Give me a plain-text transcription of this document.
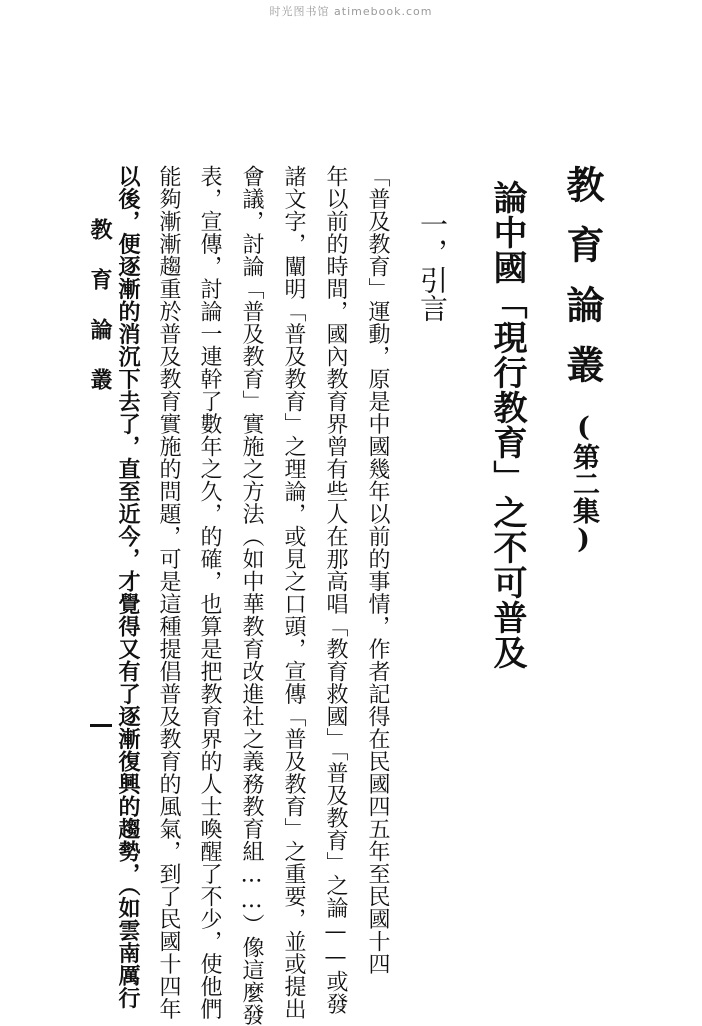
时光图书馆 atimebook.com
教育論叢
(第二集)
論中國「現行教育」之不可普及
一，引言
「普及教育」運動，原是中國幾年以前的事情，作者記得在民國四五年至民國十四
年以前的時間，國內教育界曾有些人在那高唱「教育救國」「普及教育」之論——或發
諸文字，闡明「普及教育」之理論，或見之口頭，宣傳「普及教育」之重要，並或提出
會議，討論「普及教育」實施之方法（如中華教育改進社之義務教育組……）像這麼發
表，宣傳，討論一連幹了數年之久，的確，也算是把教育界的人士喚醒了不少，使他們
能夠漸漸趨重於普及教育實施的問題，可是這種提倡普及教育的風氣，到了民國十四年
以後，便逐漸的消沉下去了，直至近今，才覺得又有了逐漸復興的趨勢，（如雲南厲行
教育論叢
